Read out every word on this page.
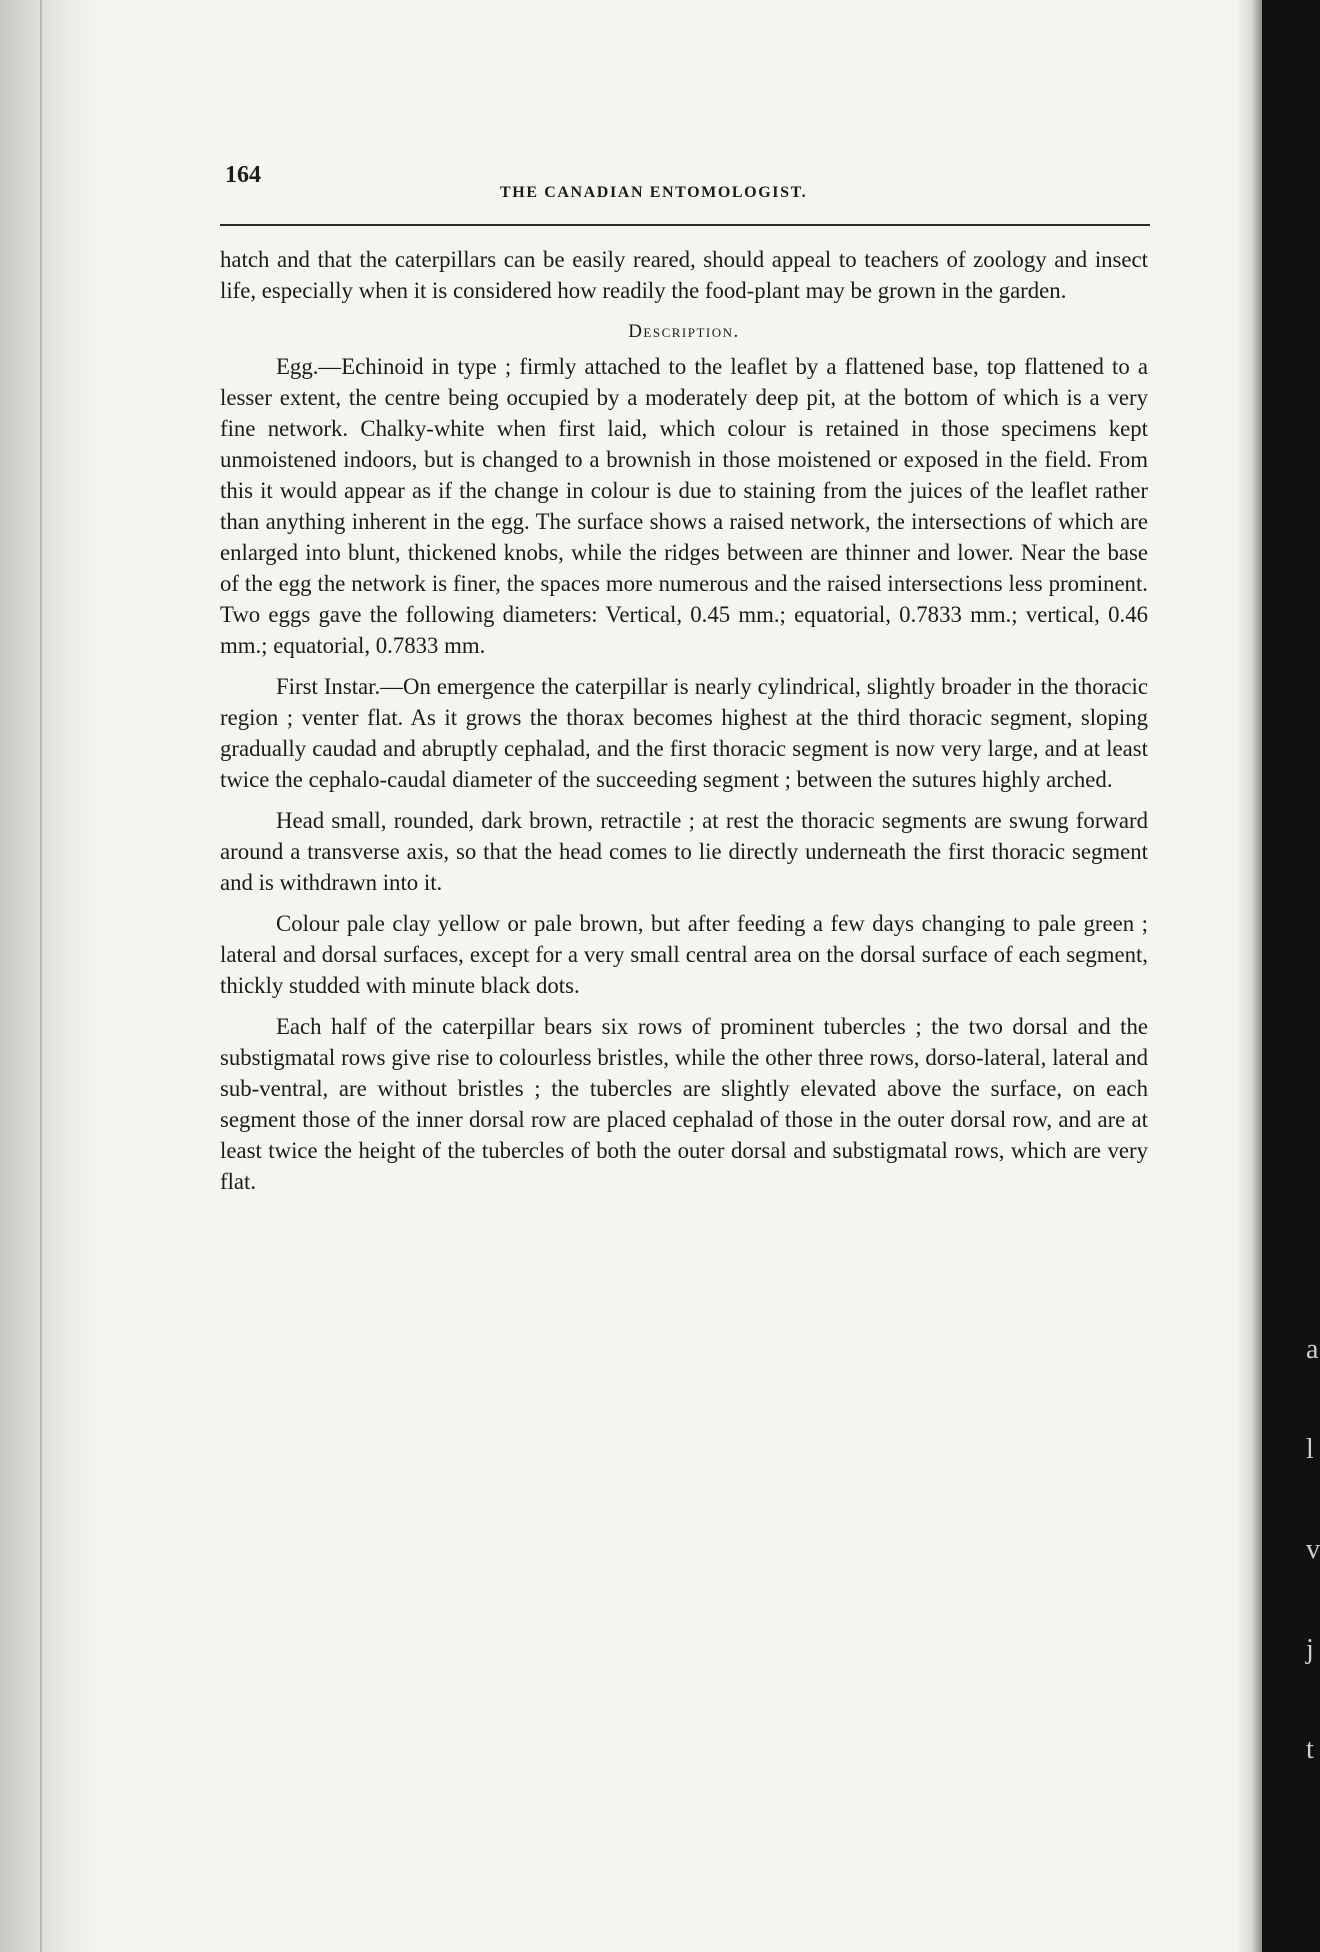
a
l
v
j
t
164
THE CANADIAN ENTOMOLOGIST.

hatch and that the caterpillars can be easily reared, should appeal to teachers of zoology and insect life, especially when it is considered how readily the food-plant may be grown in the garden.

Description.

Egg.—Echinoid in type ; firmly attached to the leaflet by a flattened base, top flattened to a lesser extent, the centre being occupied by a moderately deep pit, at the bottom of which is a very fine network. Chalky-white when first laid, which colour is retained in those specimens kept unmoistened indoors, but is changed to a brownish in those moistened or exposed in the field. From this it would appear as if the change in colour is due to staining from the juices of the leaflet rather than anything inherent in the egg. The surface shows a raised network, the intersections of which are enlarged into blunt, thickened knobs, while the ridges between are thinner and lower. Near the base of the egg the network is finer, the spaces more numerous and the raised intersections less prominent. Two eggs gave the following diameters: Vertical, 0.45 mm.; equatorial, 0.7833 mm.; vertical, 0.46 mm.; equatorial, 0.7833 mm.

First Instar.—On emergence the caterpillar is nearly cylindrical, slightly broader in the thoracic region ; venter flat. As it grows the thorax becomes highest at the third thoracic segment, sloping gradually caudad and abruptly cephalad, and the first thoracic segment is now very large, and at least twice the cephalo-caudal diameter of the succeeding segment ; between the sutures highly arched.

Head small, rounded, dark brown, retractile ; at rest the thoracic segments are swung forward around a transverse axis, so that the head comes to lie directly underneath the first thoracic segment and is withdrawn into it.

Colour pale clay yellow or pale brown, but after feeding a few days changing to pale green ; lateral and dorsal surfaces, except for a very small central area on the dorsal surface of each segment, thickly studded with minute black dots.

Each half of the caterpillar bears six rows of prominent tubercles ; the two dorsal and the substigmatal rows give rise to colourless bristles, while the other three rows, dorso-lateral, lateral and sub-ventral, are without bristles ; the tubercles are slightly elevated above the surface, on each segment those of the inner dorsal row are placed cephalad of those in the outer dorsal row, and are at least twice the height of the tubercles of both the outer dorsal and substigmatal rows, which are very flat.
